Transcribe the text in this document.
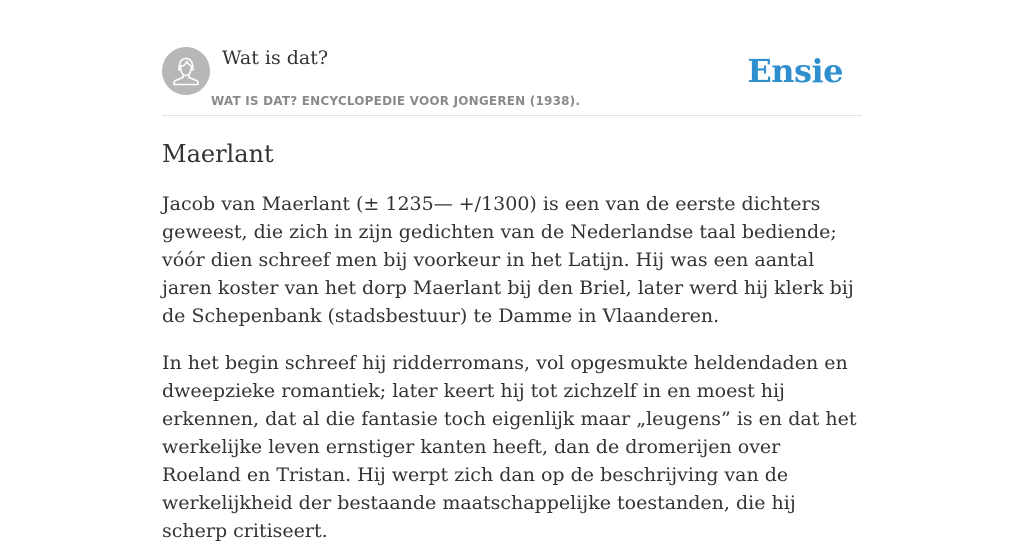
Wat is dat?
WAT IS DAT? ENCYCLOPEDIE VOOR JONGEREN (1938).
Ensie
Maerlant

Jacob van Maerlant (± 1235— +/1300) is een van de eerste dichters geweest, die zich in zijn gedichten van de Nederlandse taal bediende; vóór dien schreef men bij voorkeur in het Latijn. Hij was een aantal jaren koster van het dorp Maerlant bij den Briel, later werd hij klerk bij de Schepenbank (stadsbestuur) te Damme in Vlaanderen.

In het begin schreef hij ridderromans, vol opgesmukte heldendaden en dweepzieke romantiek; later keert hij tot zichzelf in en moest hij erkennen, dat al die fantasie toch eigenlijk maar „leugens” is en dat het werkelijke leven ernstiger kanten heeft, dan de dromerijen over Roeland en Tristan. Hij werpt zich dan op de beschrijving van de werkelijkheid der bestaande maatschappelijke toestanden, die hij scherp critiseert.
